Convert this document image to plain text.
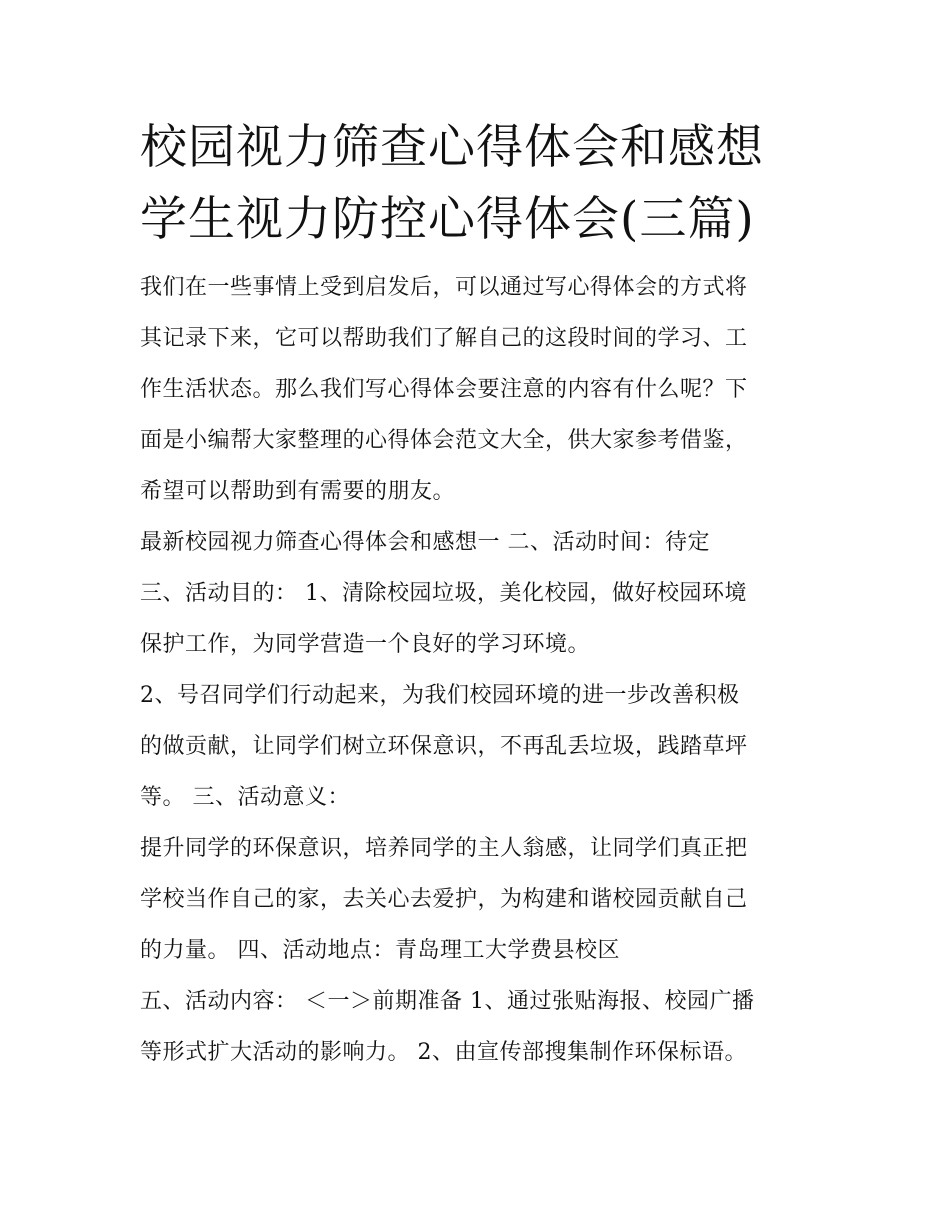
校园视力筛查心得体会和感想
学生视力防控心得体会(三篇)

我们在一些事情上受到启发后，可以通过写心得体会的方式将
其记录下来，它可以帮助我们了解自己的这段时间的学习、工
作生活状态。那么我们写心得体会要注意的内容有什么呢？下
面是小编帮大家整理的心得体会范文大全，供大家参考借鉴，
希望可以帮助到有需要的朋友。

最新校园视力筛查心得体会和感想一 二、活动时间：待定

三、活动目的： 1、清除校园垃圾，美化校园，做好校园环境
保护工作，为同学营造一个良好的学习环境。

2、号召同学们行动起来，为我们校园环境的进一步改善积极
的做贡献，让同学们树立环保意识，不再乱丢垃圾，践踏草坪
等。 三、活动意义：

提升同学的环保意识，培养同学的主人翁感，让同学们真正把
学校当作自己的家，去关心去爱护，为构建和谐校园贡献自己
的力量。 四、活动地点：青岛理工大学费县校区

五、活动内容： ＜一＞前期准备 1、通过张贴海报、校园广播
等形式扩大活动的影响力。 2、由宣传部搜集制作环保标语。
